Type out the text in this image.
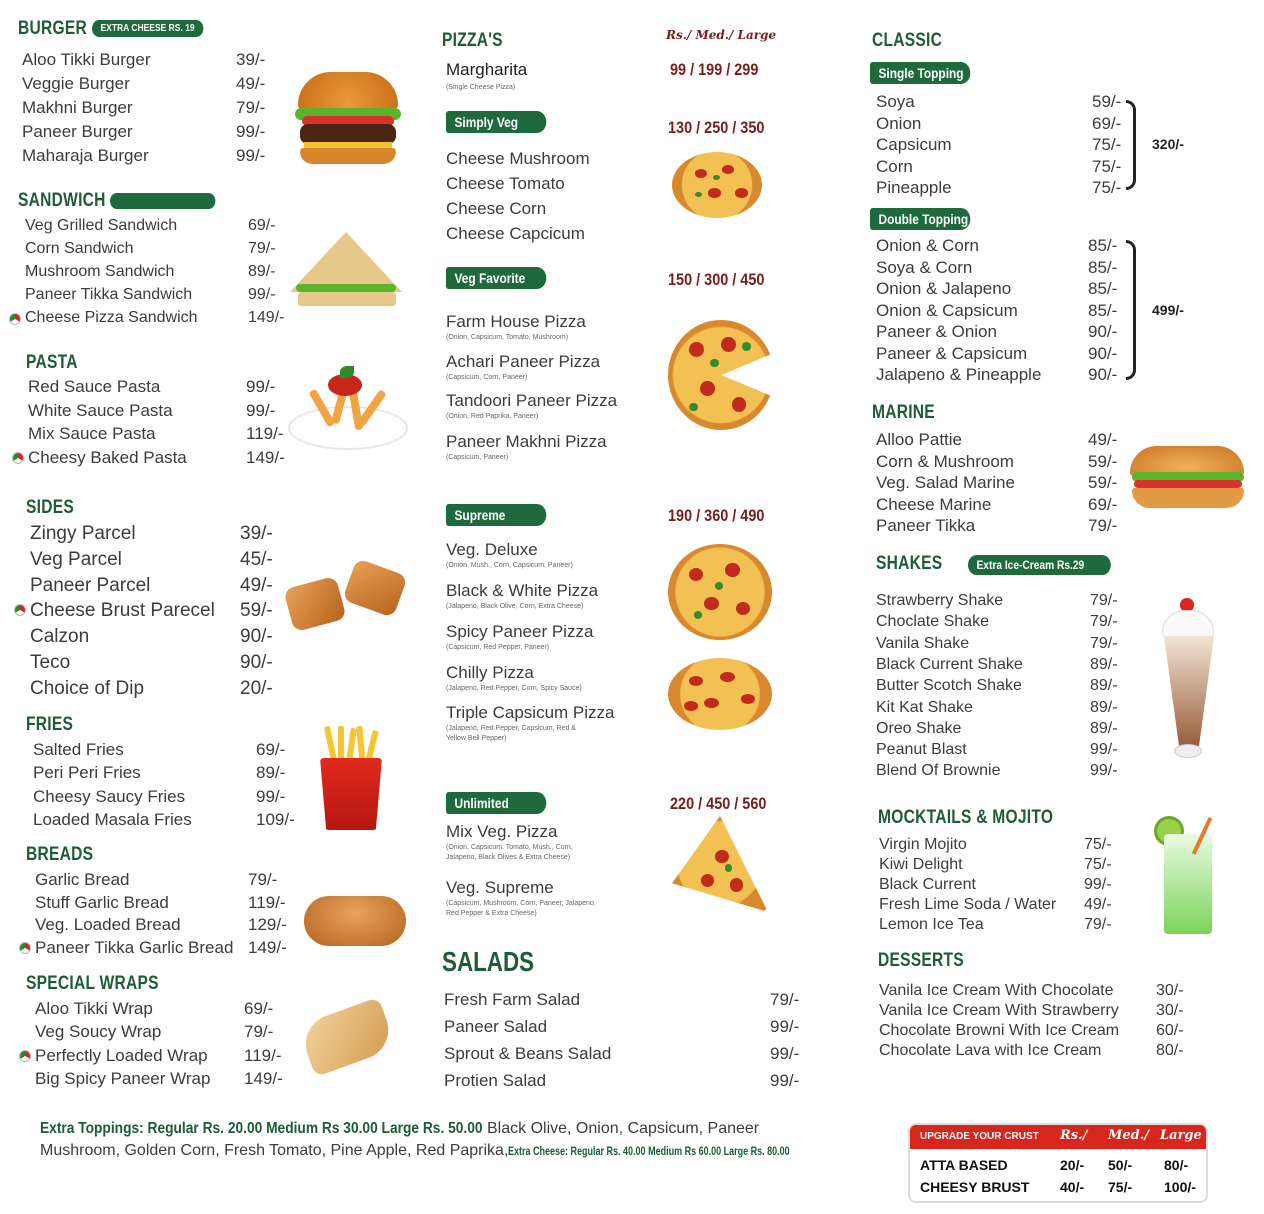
BURGER	EXTRA CHEESE RS. 19
Aloo Tikki Burger	39/-
Veggie Burger	49/-
Makhni Burger	79/-
Paneer Burger	99/-
Maharaja Burger	99/-
SANDWICH
Veg Grilled Sandwich	69/-
Corn Sandwich	79/-
Mushroom Sandwich	89/-
Paneer Tikka Sandwich	99/-
Cheese Pizza Sandwich	149/-
PASTA
Red Sauce Pasta	99/-
White Sauce Pasta	99/-
Mix Sauce Pasta	119/-
Cheesy Baked Pasta	149/-
SIDES
Zingy Parcel	39/-
Veg Parcel	45/-
Paneer Parcel	49/-
Cheese Brust Parecel 59/-
Calzon	90/-
Teco	90/-
Choice of Dip	20/-
FRIES
Salted Fries	69/-
Peri Peri Fries	89/-
Cheesy Saucy Fries	99/-
Loaded Masala Fries	109/-
BREADS
Garlic Bread	79/-
Stuff Garlic Bread	119/-
Veg. Loaded Bread	129/-
Paneer Tikka Garlic Bread 149/-
SPECIAL WRAPS
Aloo Tikki Wrap	69/-
Veg Soucy Wrap	79/-
Perfectly Loaded Wrap 119/-
Big Spicy Paneer Wrap 149/-
PIZZA'S	Rs./ Med./ Large
Margharita
(Single Cheese Pizza)
99 / 199 / 299
Simply Veg	130 / 250 / 350
Cheese Mushroom
Cheese Tomato
Cheese Corn
Cheese Capcicum
Veg Favorite	150 / 300 / 450
Farm House Pizza
(Onion, Capsicum, Tomato, Mushroom)
Achari Paneer Pizza
(Capsicum, Corn, Paneer)
Tandoori Paneer Pizza
(Onion, Red Paprika, Paneer)
Paneer Makhni Pizza
(Capsicum, Paneer)
Supreme	190 / 360 / 490
Veg. Deluxe
(Onion, Mush., Corn, Capsicum, Paneer)
Black & White Pizza
(Jalapeno, Black Olive, Corn, Extra Cheese)
Spicy Paneer Pizza
(Capsicum, Red Pepper, Paneer)
Chilly Pizza
(Jalapeno, Red Pepper, Corn, Spicy Sauce)
Triple Capsicum Pizza
(Jalapeno, Red Pepper, Capsicum, Red &
Yellow Bell Pepper)
Unlimited	220 / 450 / 560
Mix Veg. Pizza
(Onion, Capsicum, Tomato, Mush., Corn,
Jalapeno, Black Olives & Extra Cheese)
Veg. Supreme
(Capsicum, Mushroom, Corn, Paneer, Jalapeno,
Red Pepper & Extra Cheese)
SALADS
Fresh Farm Salad	79/-
Paneer Salad	99/-
Sprout & Beans Salad	99/-
Protien Salad	99/-
CLASSIC
Single Topping
Soya	59/-
Onion	69/-
Capsicum	75/-
Corn	75/-
Pineapple	75/-
320/-
Double Topping
Onion & Corn	85/-
Soya & Corn	85/-
Onion & Jalapeno	85/-
Onion & Capsicum	85/-
Paneer & Onion	90/-
Paneer & Capsicum	90/-
Jalapeno & Pineapple	90/-
499/-
MARINE
Alloo Pattie	49/-
Corn & Mushroom	59/-
Veg. Salad Marine	59/-
Cheese Marine	69/-
Paneer Tikka	79/-
SHAKES	Extra Ice-Cream Rs.29
Strawberry Shake	79/-
Choclate Shake	79/-
Vanila Shake	79/-
Black Current Shake	89/-
Butter Scotch Shake	89/-
Kit Kat Shake	89/-
Oreo Shake	89/-
Peanut Blast	99/-
Blend Of Brownie	99/-
MOCKTAILS & MOJITO
Virgin Mojito	75/-
Kiwi Delight	75/-
Black Current	99/-
Fresh Lime Soda / Water 49/-
Lemon Ice Tea	79/-
DESSERTS
Vanila Ice Cream With Chocolate	30/-
Vanila Ice Cream With Strawberry 30/-
Chocolate Browni With Ice Cream 60/-
Chocolate Lava with Ice Cream	80/-
Extra Toppings: Regular Rs. 20.00 Medium Rs 30.00 Large Rs. 50.00 Black Olive, Onion, Capsicum, Paneer
Mushroom, Golden Corn, Fresh Tomato, Pine Apple, Red Paprika,Extra Cheese: Regular Rs. 40.00 Medium Rs 60.00 Large Rs. 80.00
UPGRADE YOUR CRUST Rs./ Med./ Large
ATTA BASED	20/- 50/- 80/-
CHEESY BRUST 40/- 75/- 100/-
